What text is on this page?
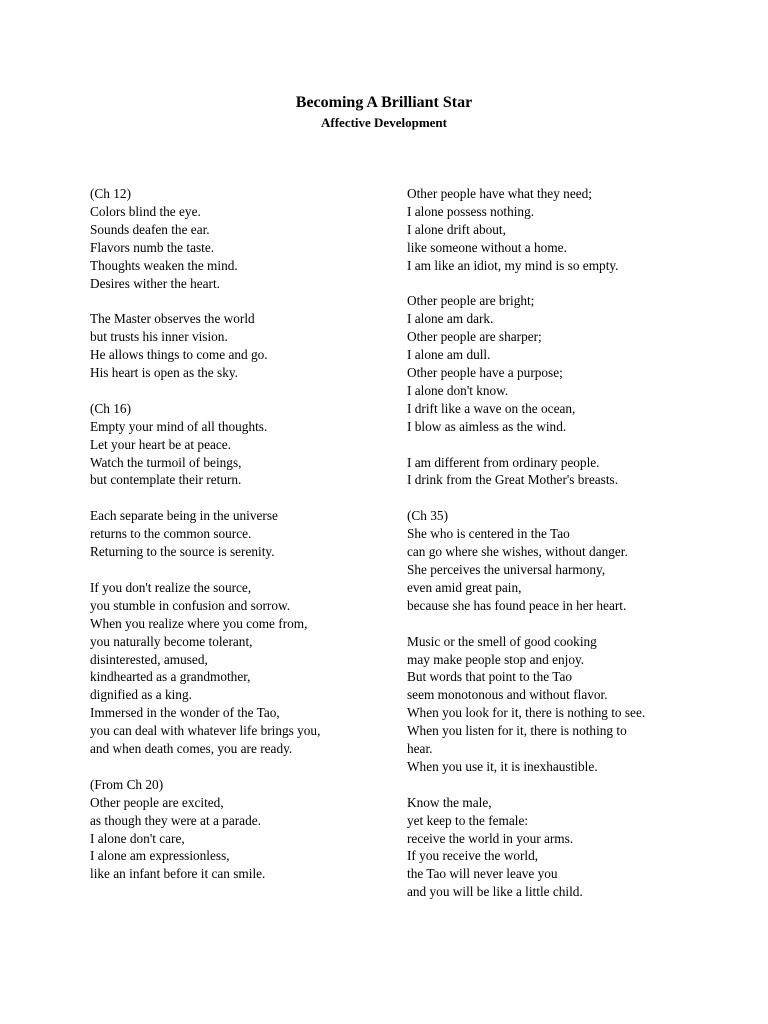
Becoming A Brilliant Star
Affective Development
(Ch 12)
Colors blind the eye.
Sounds deafen the ear.
Flavors numb the taste.
Thoughts weaken the mind.
Desires wither the heart.
The Master observes the world
but trusts his inner vision.
He allows things to come and go.
His heart is open as the sky.
(Ch 16)
Empty your mind of all thoughts.
Let your heart be at peace.
Watch the turmoil of beings,
but contemplate their return.
Each separate being in the universe
returns to the common source.
Returning to the source is serenity.
If you don't realize the source,
you stumble in confusion and sorrow.
When you realize where you come from,
you naturally become tolerant,
disinterested, amused,
kindhearted as a grandmother,
dignified as a king.
Immersed in the wonder of the Tao,
you can deal with whatever life brings you,
and when death comes, you are ready.
(From Ch 20)
Other people are excited,
as though they were at a parade.
I alone don't care,
I alone am expressionless,
like an infant before it can smile.
Other people have what they need;
I alone possess nothing.
I alone drift about,
like someone without a home.
I am like an idiot, my mind is so empty.
Other people are bright;
I alone am dark.
Other people are sharper;
I alone am dull.
Other people have a purpose;
I alone don't know.
I drift like a wave on the ocean,
I blow as aimless as the wind.
I am different from ordinary people.
I drink from the Great Mother's breasts.
(Ch 35)
She who is centered in the Tao
can go where she wishes, without danger.
She perceives the universal harmony,
even amid great pain,
because she has found peace in her heart.
Music or the smell of good cooking
may make people stop and enjoy.
But words that point to the Tao
seem monotonous and without flavor.
When you look for it, there is nothing to see.
When you listen for it, there is nothing to
hear.
When you use it, it is inexhaustible.
Know the male,
yet keep to the female:
receive the world in your arms.
If you receive the world,
the Tao will never leave you
and you will be like a little child.
